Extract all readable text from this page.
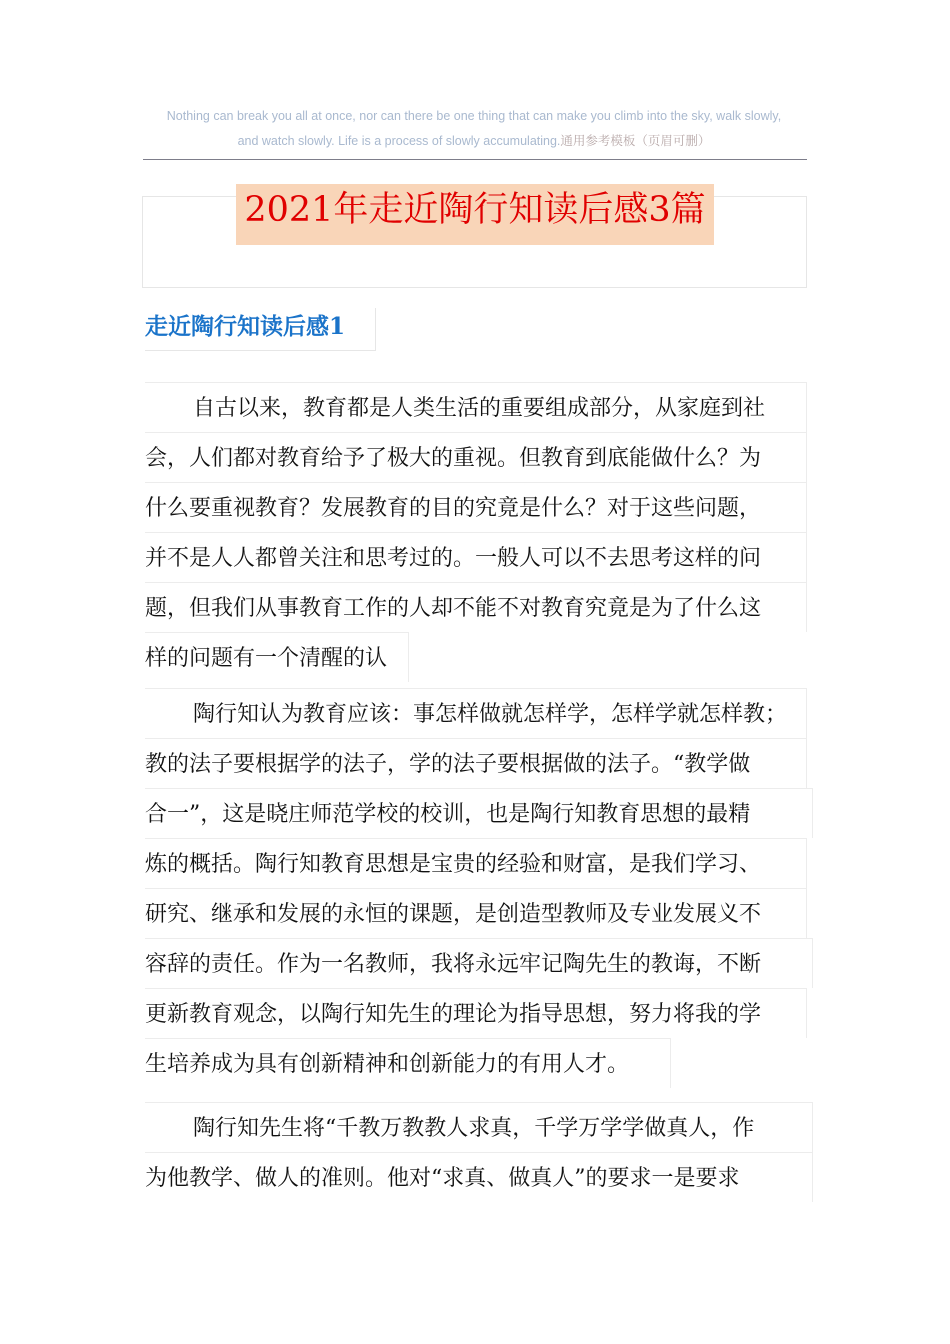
Nothing can break you all at once, nor can there be one thing that can make you climb into the sky, walk slowly,
and watch slowly. Life is a process of slowly accumulating.通用参考模板（页眉可删）
2021年走近陶行知读后感3篇
走近陶行知读后感1
自古以来，教育都是人类生活的重要组成部分，从家庭到社
会，人们都对教育给予了极大的重视。但教育到底能做什么？为
什么要重视教育？发展教育的目的究竟是什么？对于这些问题，
并不是人人都曾关注和思考过的。一般人可以不去思考这样的问
题，但我们从事教育工作的人却不能不对教育究竟是为了什么这
样的问题有一个清醒的认
陶行知认为教育应该：事怎样做就怎样学，怎样学就怎样教；
教的法子要根据学的法子，学的法子要根据做的法子。“教学做
合一”，这是晓庄师范学校的校训，也是陶行知教育思想的最精
炼的概括。陶行知教育思想是宝贵的经验和财富，是我们学习、
研究、继承和发展的永恒的课题，是创造型教师及专业发展义不
容辞的责任。作为一名教师，我将永远牢记陶先生的教诲，不断
更新教育观念，以陶行知先生的理论为指导思想，努力将我的学
生培养成为具有创新精神和创新能力的有用人才。
陶行知先生将“千教万教教人求真，千学万学学做真人，作
为他教学、做人的准则。他对“求真、做真人”的要求一是要求
